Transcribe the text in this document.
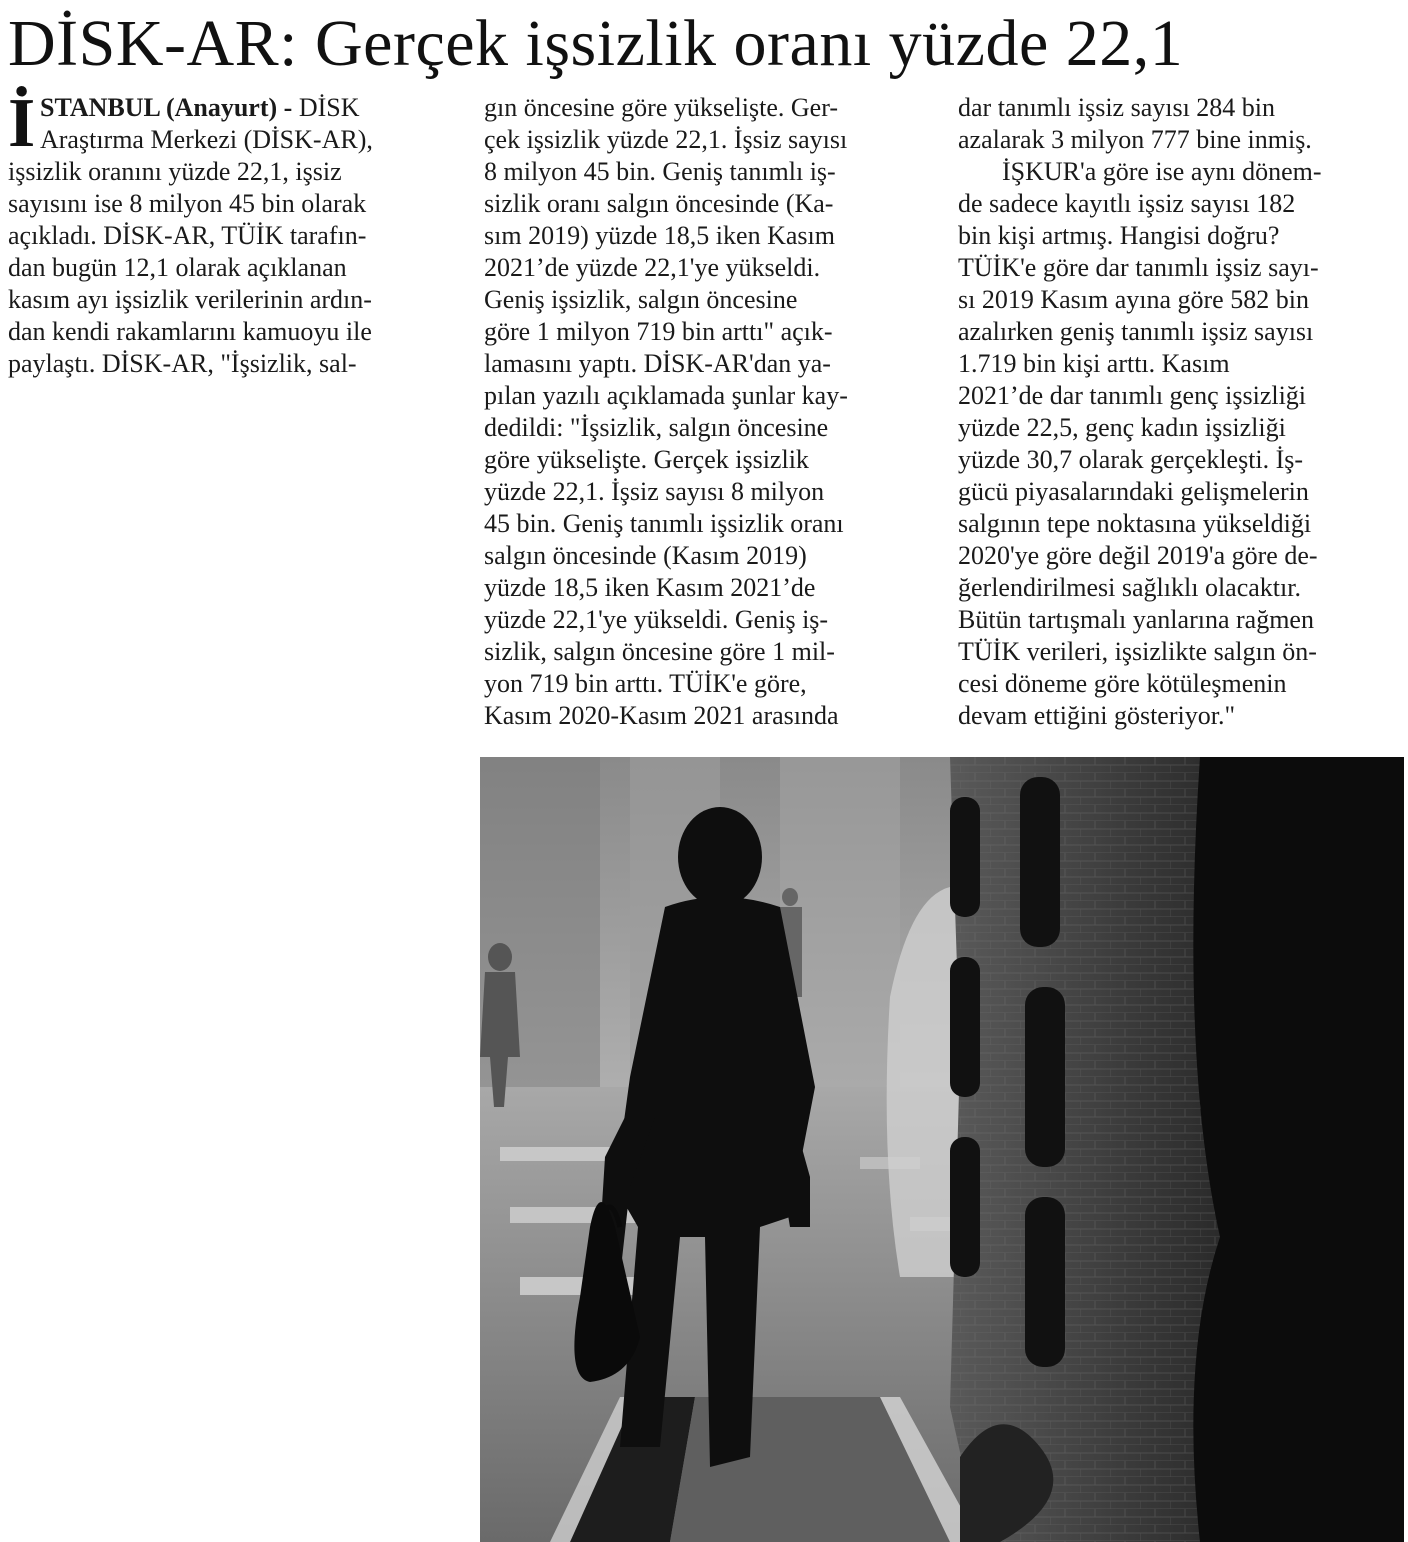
DİSK-AR: Gerçek işsizlik oranı yüzde 22,1
İ STANBUL (Anayurt) - DİSK
Araştırma Merkezi (DİSK-AR),
işsizlik oranını yüzde 22,1, işsiz
sayısını ise 8 milyon 45 bin olarak
açıkladı. DİSK-AR, TÜİK tarafın-
dan bugün 12,1 olarak açıklanan
kasım ayı işsizlik verilerinin ardın-
dan kendi rakamlarını kamuoyu ile
paylaştı. DİSK-AR, "İşsizlik, sal-
gın öncesine göre yükselişte. Ger-
çek işsizlik yüzde 22,1. İşsiz sayısı
8 milyon 45 bin. Geniş tanımlı iş-
sizlik oranı salgın öncesinde (Ka-
sım 2019) yüzde 18,5 iken Kasım
2021’de yüzde 22,1'ye yükseldi.
Geniş işsizlik, salgın öncesine
göre 1 milyon 719 bin arttı" açık-
lamasını yaptı. DİSK-AR'dan ya-
pılan yazılı açıklamada şunlar kay-
dedildi: "İşsizlik, salgın öncesine
göre yükselişte. Gerçek işsizlik
yüzde 22,1. İşsiz sayısı 8 milyon
45 bin. Geniş tanımlı işsizlik oranı
salgın öncesinde (Kasım 2019)
yüzde 18,5 iken Kasım 2021’de
yüzde 22,1'ye yükseldi. Geniş iş-
sizlik, salgın öncesine göre 1 mil-
yon 719 bin arttı. TÜİK'e göre,
Kasım 2020-Kasım 2021 arasında
dar tanımlı işsiz sayısı 284 bin
azalarak 3 milyon 777 bine inmiş.
İŞKUR'a göre ise aynı dönem-
de sadece kayıtlı işsiz sayısı 182
bin kişi artmış. Hangisi doğru?
TÜİK'e göre dar tanımlı işsiz sayı-
sı 2019 Kasım ayına göre 582 bin
azalırken geniş tanımlı işsiz sayısı
1.719 bin kişi arttı. Kasım
2021’de dar tanımlı genç işsizliği
yüzde 22,5, genç kadın işsizliği
yüzde 30,7 olarak gerçekleşti. İş-
gücü piyasalarındaki gelişmelerin
salgının tepe noktasına yükseldiği
2020'ye göre değil 2019'a göre de-
ğerlendirilmesi sağlıklı olacaktır.
Bütün tartışmalı yanlarına rağmen
TÜİK verileri, işsizlikte salgın ön-
cesi döneme göre kötüleşmenin
devam ettiğini gösteriyor."
